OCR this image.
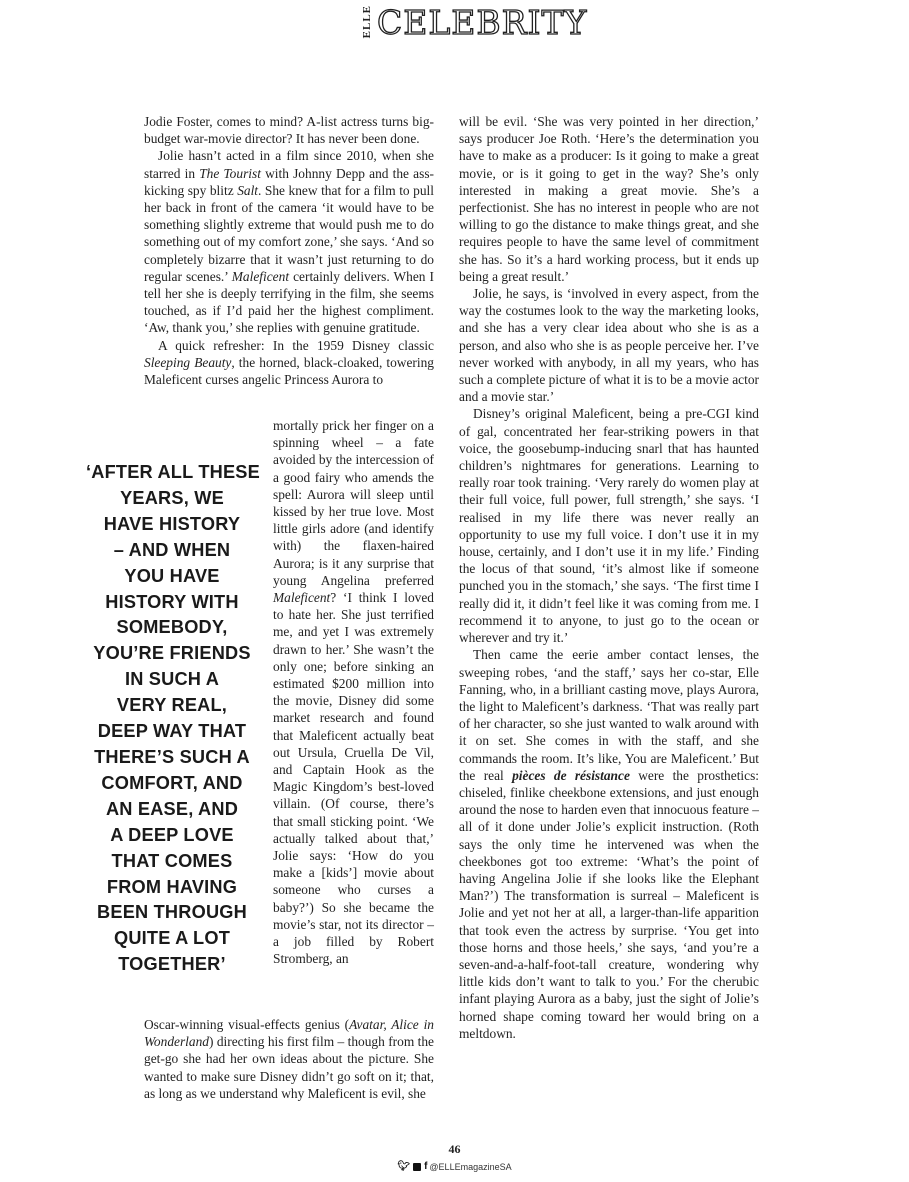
ELLE CELEBRITY

Jodie Foster, comes to mind? A-list actress turns big-budget war-movie director? It has never been done.

Jolie hasn’t acted in a film since 2010, when she starred in The Tourist with Johnny Depp and the ass-kicking spy blitz Salt. She knew that for a film to pull her back in front of the camera ‘it would have to be something slightly extreme that would push me to do something out of my comfort zone,’ she says. ‘And so completely bizarre that it wasn’t just returning to do regular scenes.’ Maleficent certainly delivers. When I tell her she is deeply terrifying in the film, she seems touched, as if I’d paid her the highest compliment. ‘Aw, thank you,’ she replies with genuine gratitude.

A quick refresher: In the 1959 Disney classic Sleeping Beauty, the horned, black-cloaked, towering Maleficent curses angelic Princess Aurora to

mortally prick her finger on a spinning wheel – a fate avoided by the intercession of a good fairy who amends the spell: Aurora will sleep until kissed by her true love. Most little girls adore (and identify with) the flaxen-haired Aurora; is it any surprise that young Angelina preferred Maleficent? ‘I think I loved to hate her. She just terrified me, and yet I was extremely drawn to her.’ She wasn’t the only one; before sinking an estimated $200 million into the movie, Disney did some market research and found that Maleficent actually beat out Ursula, Cruella De Vil, and Captain Hook as the Magic Kingdom’s best-loved villain. (Of course, there’s that small sticking point. ‘We actually talked about that,’ Jolie says: ‘How do you make a [kids’] movie about someone who curses a baby?’) So she became the movie’s star, not its director – a job filled by Robert Stromberg, an

Oscar-winning visual-effects genius (Avatar, Alice in Wonderland) directing his first film – though from the get-go she had her own ideas about the picture. She wanted to make sure Disney didn’t go soft on it; that, as long as we understand why Maleficent is evil, she

will be evil. ‘She was very pointed in her direction,’ says producer Joe Roth. ‘Here’s the determination you have to make as a producer: Is it going to make a great movie, or is it going to get in the way? She’s only interested in making a great movie. She’s a perfectionist. She has no interest in people who are not willing to go the distance to make things great, and she requires people to have the same level of commitment she has. So it’s a hard working process, but it ends up being a great result.’

Jolie, he says, is ‘involved in every aspect, from the way the costumes look to the way the marketing looks, and she has a very clear idea about who she is as a person, and also who she is as people perceive her. I’ve never worked with anybody, in all my years, who has such a complete picture of what it is to be a movie actor and a movie star.’

Disney’s original Maleficent, being a pre-CGI kind of gal, concentrated her fear-striking powers in that voice, the goosebump-inducing snarl that has haunted children’s nightmares for generations. Learning to really roar took training. ‘Very rarely do women play at their full voice, full power, full strength,’ she says. ‘I realised in my life there was never really an opportunity to use my full voice. I don’t use it in my house, certainly, and I don’t use it in my life.’ Finding the locus of that sound, ‘it’s almost like if someone punched you in the stomach,’ she says. ‘The first time I really did it, it didn’t feel like it was coming from me. I recommend it to anyone, to just go to the ocean or wherever and try it.’

Then came the eerie amber contact lenses, the sweeping robes, ‘and the staff,’ says her co-star, Elle Fanning, who, in a brilliant casting move, plays Aurora, the light to Maleficent’s darkness. ‘That was really part of her character, so she just wanted to walk around with it on set. She comes in with the staff, and she commands the room. It’s like, You are Maleficent.’ But the real pièces de résistance were the prosthetics: chiseled, finlike cheekbone extensions, and just enough around the nose to harden even that innocuous feature – all of it done under Jolie’s explicit instruction. (Roth says the only time he intervened was when the cheekbones got too extreme: ‘What’s the point of having Angelina Jolie if she looks like the Elephant Man?’) The transformation is surreal – Maleficent is Jolie and yet not her at all, a larger-than-life apparition that took even the actress by surprise. ‘You get into those horns and those heels,’ she says, ‘and you’re a seven-and-a-half-foot-tall creature, wondering why little kids don’t want to talk to you.’ For the cherubic infant playing Aurora as a baby, just the sight of Jolie’s horned shape coming toward her would bring on a meltdown.

‘AFTER ALL THESE
YEARS, WE
HAVE HISTORY
– AND WHEN
YOU HAVE
HISTORY WITH
SOMEBODY,
YOU’RE FRIENDS
IN SUCH A
VERY REAL,
DEEP WAY THAT
THERE’S SUCH A
COMFORT, AND
AN EASE, AND
A DEEP LOVE
THAT COMES
FROM HAVING
BEEN THROUGH
QUITE A LOT
TOGETHER’
46
🐦︎ f @ELLEmagazineSA
